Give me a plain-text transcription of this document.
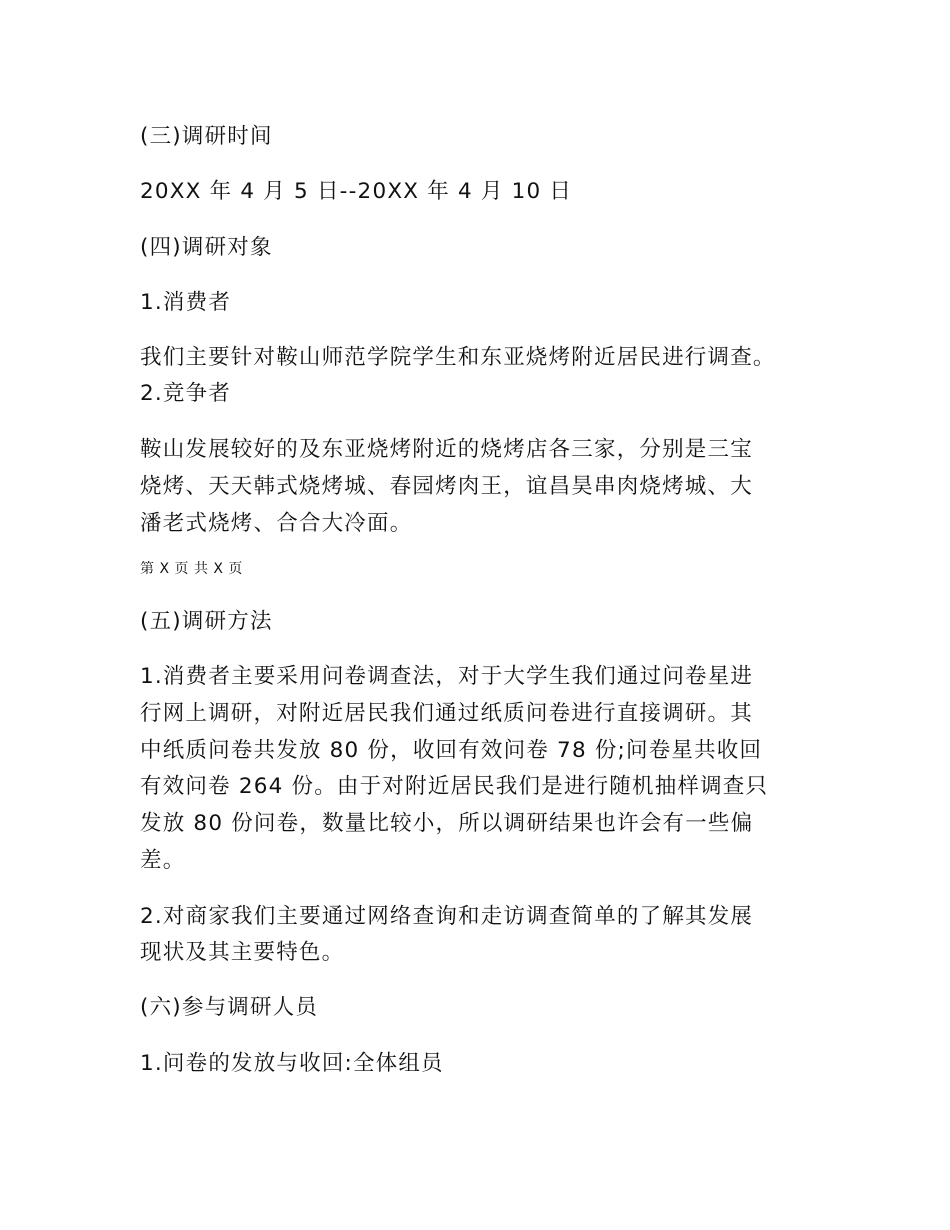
(三)调研时间
20XX 年 4 月 5 日--20XX 年 4 月 10 日
(四)调研对象
1.消费者
我们主要针对鞍山师范学院学生和东亚烧烤附近居民进行调查。
2.竞争者
鞍山发展较好的及东亚烧烤附近的烧烤店各三家，分别是三宝
烧烤、天天韩式烧烤城、春园烤肉王，谊昌昊串肉烧烤城、大
潘老式烧烤、合合大冷面。
第 X 页 共 X 页
(五)调研方法
1.消费者主要采用问卷调查法，对于大学生我们通过问卷星进
行网上调研，对附近居民我们通过纸质问卷进行直接调研。其
中纸质问卷共发放 80 份，收回有效问卷 78 份;问卷星共收回
有效问卷 264 份。由于对附近居民我们是进行随机抽样调查只
发放 80 份问卷，数量比较小，所以调研结果也许会有一些偏
差。
2.对商家我们主要通过网络查询和走访调查简单的了解其发展
现状及其主要特色。
(六)参与调研人员
1.问卷的发放与收回:全体组员
